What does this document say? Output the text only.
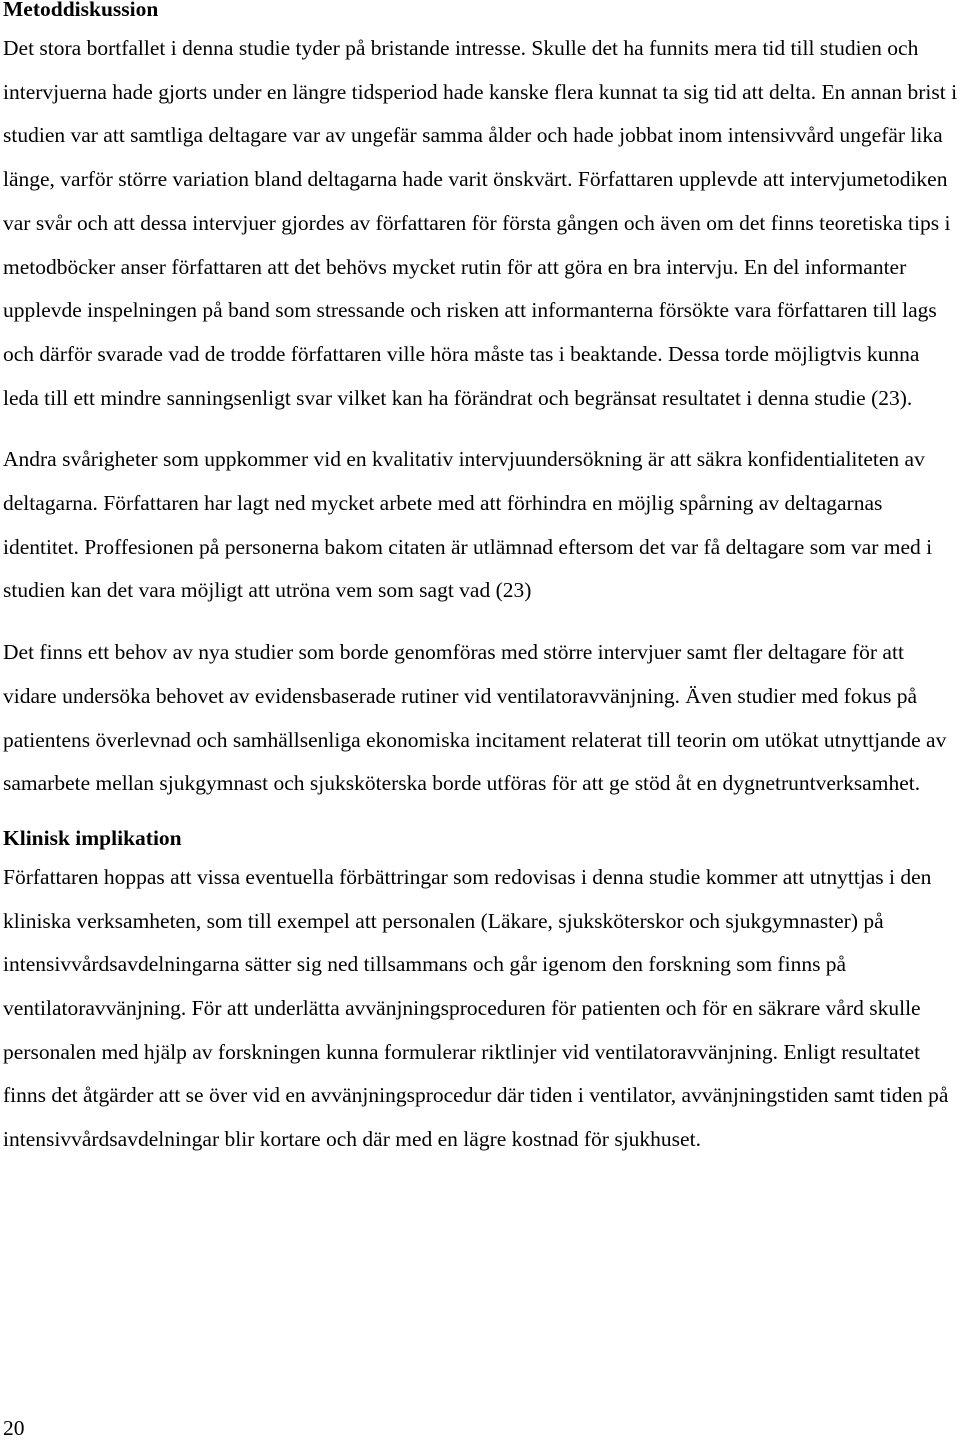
Metoddiskussion

Det stora bortfallet i denna studie tyder på bristande intresse. Skulle det ha funnits mera tid till studien och intervjuerna hade gjorts under en längre tidsperiod hade kanske flera kunnat ta sig tid att delta. En annan brist i studien var att samtliga deltagare var av ungefär samma ålder och hade jobbat inom intensivvård ungefär lika länge, varför större variation bland deltagarna hade varit önskvärt. Författaren upplevde att intervjumetodiken var svår och att dessa intervjuer gjordes av författaren för första gången och även om det finns teoretiska tips i metodböcker anser författaren att det behövs mycket rutin för att göra en bra intervju. En del informanter upplevde inspelningen på band som stressande och risken att informanterna försökte vara författaren till lags och därför svarade vad de trodde författaren ville höra måste tas i beaktande. Dessa torde möjligtvis kunna leda till ett mindre sanningsenligt svar vilket kan ha förändrat och begränsat resultatet i denna studie (23).

Andra svårigheter som uppkommer vid en kvalitativ intervjuundersökning är att säkra konfidentialiteten av deltagarna. Författaren har lagt ned mycket arbete med att förhindra en möjlig spårning av deltagarnas identitet. Proffesionen på personerna bakom citaten är utlämnad eftersom det var få deltagare som var med i studien kan det vara möjligt att utröna vem som sagt vad (23)

Det finns ett behov av nya studier som borde genomföras med större intervjuer samt fler deltagare för att vidare undersöka behovet av evidensbaserade rutiner vid ventilatoravvänjning. Även studier med fokus på patientens överlevnad och samhällsenliga ekonomiska incitament relaterat till teorin om utökat utnyttjande av samarbete mellan sjukgymnast och sjuksköterska borde utföras för att ge stöd åt en dygnetruntverksamhet.

Klinisk implikation

Författaren hoppas att vissa eventuella förbättringar som redovisas i denna studie kommer att utnyttjas i den kliniska verksamheten, som till exempel att personalen (Läkare, sjuksköterskor och sjukgymnaster) på intensivvårdsavdelningarna sätter sig ned tillsammans och går igenom den forskning som finns på ventilatoravvänjning. För att underlätta avvänjningsproceduren för patienten och för en säkrare vård skulle personalen med hjälp av forskningen kunna formulerar riktlinjer vid ventilatoravvänjning. Enligt resultatet finns det åtgärder att se över vid en avvänjningsprocedur där tiden i ventilator, avvänjningstiden samt tiden på intensivvårdsavdelningar blir kortare och där med en lägre kostnad för sjukhuset.

20
